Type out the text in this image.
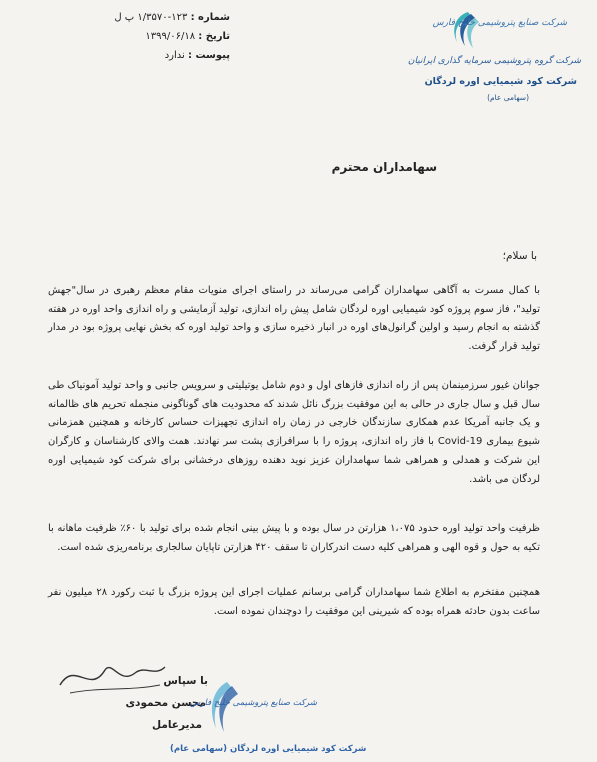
شماره : ۱۲۳-۱/۳۵۷۰ پ ل
تاریخ : ۱۳۹۹/۰۶/۱۸
پیوست : ندارد
شرکت صنایع پتروشیمی خلیج فارس
شرکت گروه پتروشیمی سرمایه گذاری ایرانیان
شرکت کود شیمیایی اوره لردگان
(سهامی عام)
سهامداران محترم
با سلام؛
با کمال مسرت به آگاهی سهامداران گرامی می‌رساند در راستای اجرای منویات مقام معظم رهبری در سال"جهش تولید"، فاز سوم پروژه کود شیمیایی اوره لردگان شامل پیش راه اندازی، تولید آزمایشی و راه اندازی واحد اوره در هفته گذشته به انجام رسید و اولین گرانول‌های اوره در انبار ذخیره سازی و واحد تولید اوره که بخش نهایی پروژه بود در مدار تولید قرار گرفت.
جوانان غیور سرزمینمان پس از راه اندازی فازهای اول و دوم شامل یوتیلیتی و سرویس جانبی و واحد تولید آمونیاک طی سال قبل و سال جاری در حالی به این موفقیت بزرگ نائل شدند که محدودیت های گوناگونی منجمله تحریم های ظالمانه و یک جانبه آمریکا عدم همکاری سازندگان خارجی در زمان راه اندازی تجهیزات حساس کارخانه و همچنین همزمانی شیوع بیماری Covid-19 با فاز راه اندازی، پروژه را با سرافرازی پشت سر نهادند. همت والای کارشناسان و کارگران این شرکت و همدلی و همراهی شما سهامداران عزیز نوید دهنده روزهای درخشانی برای شرکت کود شیمیایی اوره لردگان می باشد.
ظرفیت واحد تولید اوره حدود ۱،۰۷۵ هزارتن در سال بوده و با پیش بینی انجام شده برای تولید با ۶۰٪ ظرفیت ماهانه با تکیه به حول و قوه الهی و همراهی کلیه دست اندرکاران تا سقف ۴۲۰ هزارتن تاپایان سالجاری برنامه‌ریزی شده است.
همچنین مفتخرم به اطلاع شما سهامداران گرامی برسانم عملیات اجرای این پروژه بزرگ با ثبت رکورد ۲۸ میلیون نفر ساعت بدون حادثه همراه بوده که شیرینی این موفقیت را دوچندان نموده است.
با سپاس
محسن محمودی
مدیرعامل
شرکت صنایع پتروشیمی خلیج فارس
شرکت کود شیمیایی اوره لردگان (سهامی عام)
